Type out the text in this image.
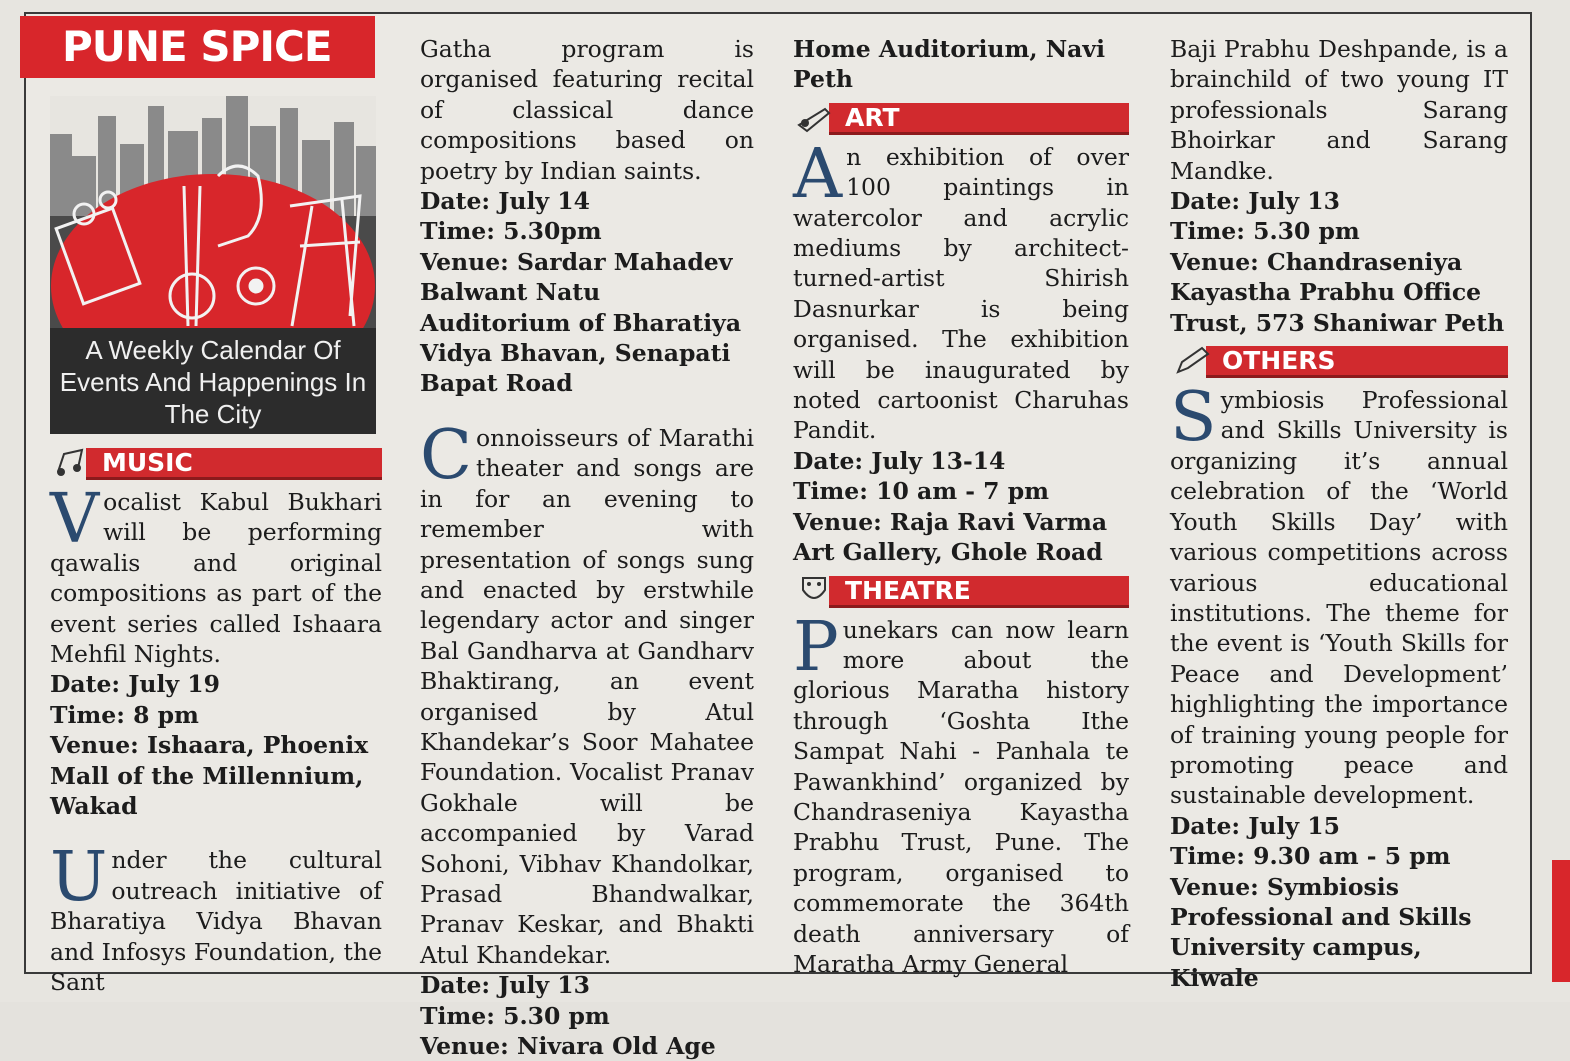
PUNE SPICE
A Weekly Calendar Of Events And Happenings In The City
MUSIC

Vocalist Kabul Bukhari will be performing qawalis and original compositions as part of the event series called Ishaara Mehfil Nights.

Date: July 19

Time: 8 pm

Venue: Ishaara, Phoenix Mall of the Millennium, Wakad

Under the cultural outreach initiative of Bharatiya Vidya Bhavan and Infosys Foundation, the Sant

Gatha program is organised featuring recital of classical dance compositions based on poetry by Indian saints.

Date: July 14

Time: 5.30pm

Venue: Sardar Mahadev Balwant Natu Auditorium of Bharatiya Vidya Bhavan, Senapati Bapat Road

Connoisseurs of Marathi theater and songs are in for an evening to remember with presentation of songs sung and enacted by erstwhile legendary actor and singer Bal Gandharva at Gandharv Bhaktirang, an event organised by Atul Khandekar’s Soor Mahatee Foundation. Vocalist Pranav Gokhale will be accompanied by Varad Sohoni, Vibhav Khandolkar, Prasad Bhandwalkar, Pranav Keskar, and Bhakti Atul Khandekar.

Date: July 13

Time: 5.30 pm

Venue: Nivara Old Age

Home Auditorium, Navi Peth

ART

An exhibition of over 100 paintings in watercolor and acrylic mediums by architect-turned-artist Shirish Dasnurkar is being organised. The exhibition will be inaugurated by noted cartoonist Charuhas Pandit.

Date: July 13-14

Time: 10 am - 7 pm

Venue: Raja Ravi Varma Art Gallery, Ghole Road

THEATRE

Punekars can now learn more about the glorious Maratha history through ‘Goshta Ithe Sampat Nahi - Panhala te Pawankhind’ organized by Chandraseniya Kayastha Prabhu Trust, Pune. The program, organised to commemorate the 364th death anniversary of Maratha Army General

Baji Prabhu Deshpande, is a brainchild of two young IT professionals Sarang Bhoirkar and Sarang Mandke.

Date: July 13

Time: 5.30 pm

Venue: Chandraseniya Kayastha Prabhu Office Trust, 573 Shaniwar Peth

OTHERS

Symbiosis Professional and Skills University is organizing it’s annual celebration of the ‘World Youth Skills Day’ with various competitions across various educational institutions. The theme for the event is ‘Youth Skills for Peace and Development’ highlighting the importance of training young people for promoting peace and sustainable development.

Date: July 15

Time: 9.30 am - 5 pm

Venue: Symbiosis Professional and Skills University campus, Kiwale
